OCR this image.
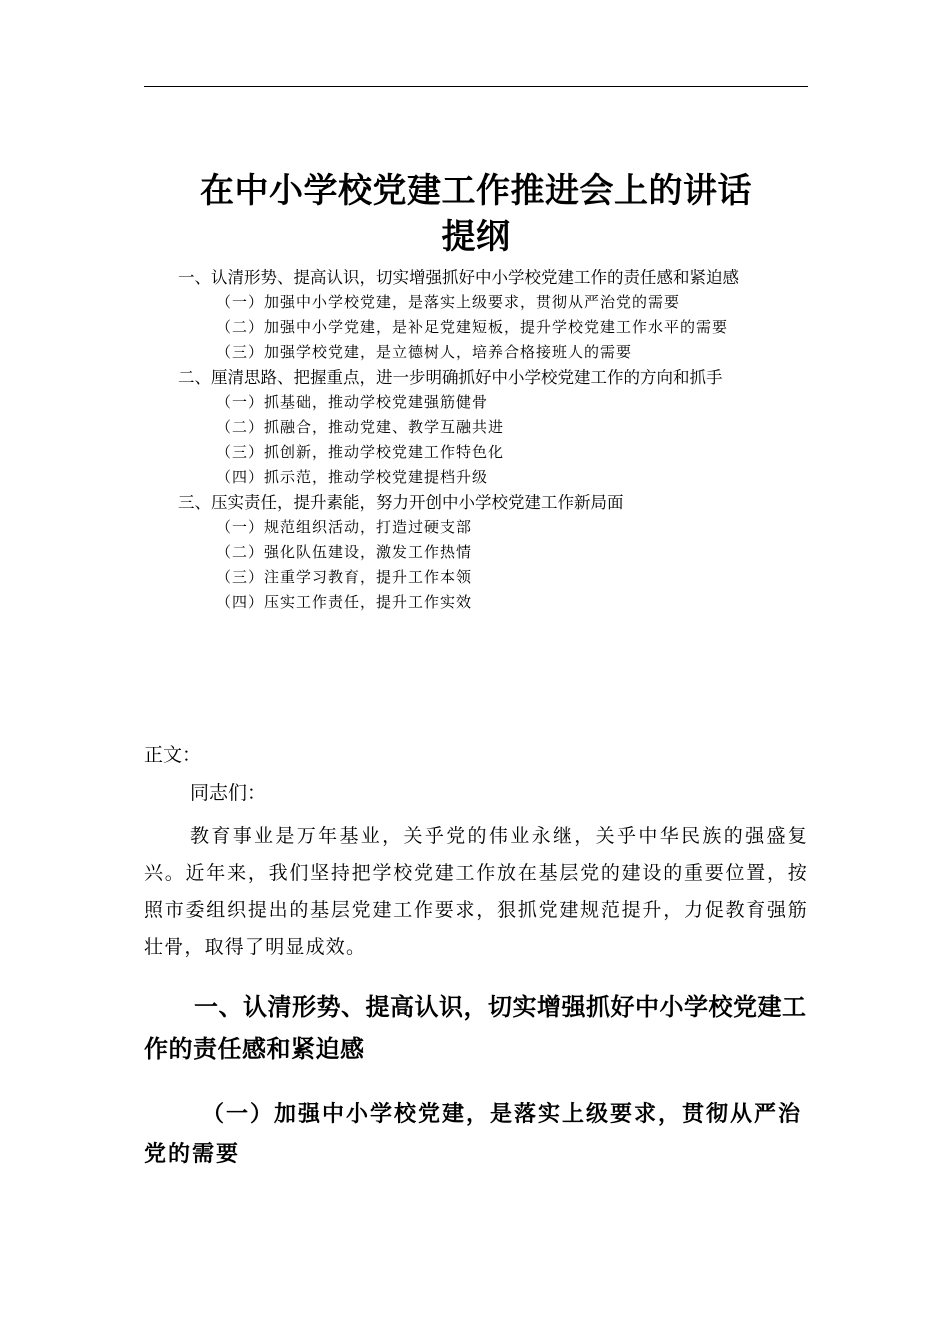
在中小学校党建工作推进会上的讲话
提纲
一、认清形势、提高认识，切实增强抓好中小学校党建工作的责任感和紧迫感
（一）加强中小学校党建，是落实上级要求，贯彻从严治党的需要
（二）加强中小学党建，是补足党建短板，提升学校党建工作水平的需要
（三）加强学校党建，是立德树人，培养合格接班人的需要
二、厘清思路、把握重点，进一步明确抓好中小学校党建工作的方向和抓手
（一）抓基础，推动学校党建强筋健骨
（二）抓融合，推动党建、教学互融共进
（三）抓创新，推动学校党建工作特色化
（四）抓示范，推动学校党建提档升级
三、压实责任，提升素能，努力开创中小学校党建工作新局面
（一）规范组织活动，打造过硬支部
（二）强化队伍建设，激发工作热情
（三）注重学习教育，提升工作本领
（四）压实工作责任，提升工作实效
正文：
同志们：
教育事业是万年基业，关乎党的伟业永继，关乎中华民族的强盛复兴。近年来，我们坚持把学校党建工作放在基层党的建设的重要位置，按照市委组织提出的基层党建工作要求，狠抓党建规范提升，力促教育强筋壮骨，取得了明显成效。
一、认清形势、提高认识，切实增强抓好中小学校党建工作的责任感和紧迫感
（一）加强中小学校党建，是落实上级要求，贯彻从严治党的需要
